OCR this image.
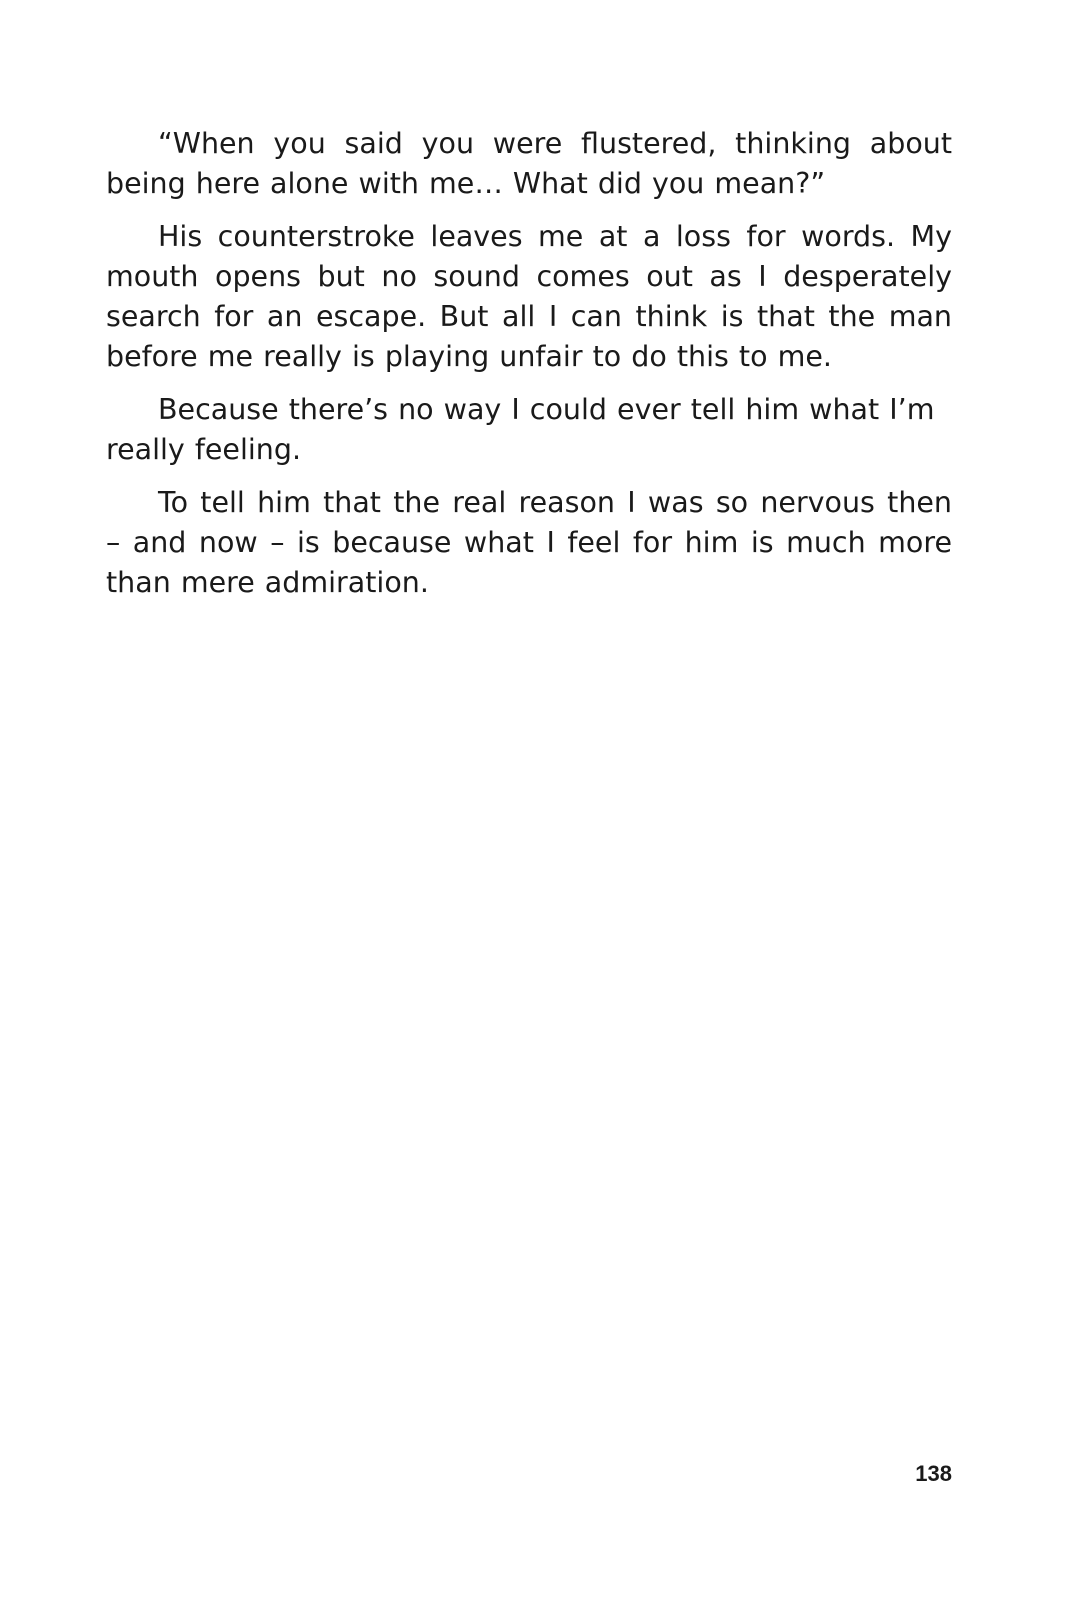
“When you said you were flustered, thinking about being here alone with me… What did you mean?”

His counterstroke leaves me at a loss for words. My mouth opens but no sound comes out as I desperately search for an escape. But all I can think is that the man before me really is playing unfair to do this to me.

Because there’s no way I could ever tell him what I’m really feeling.

To tell him that the real reason I was so nervous then – and now – is because what I feel for him is much more than mere admiration.

138
